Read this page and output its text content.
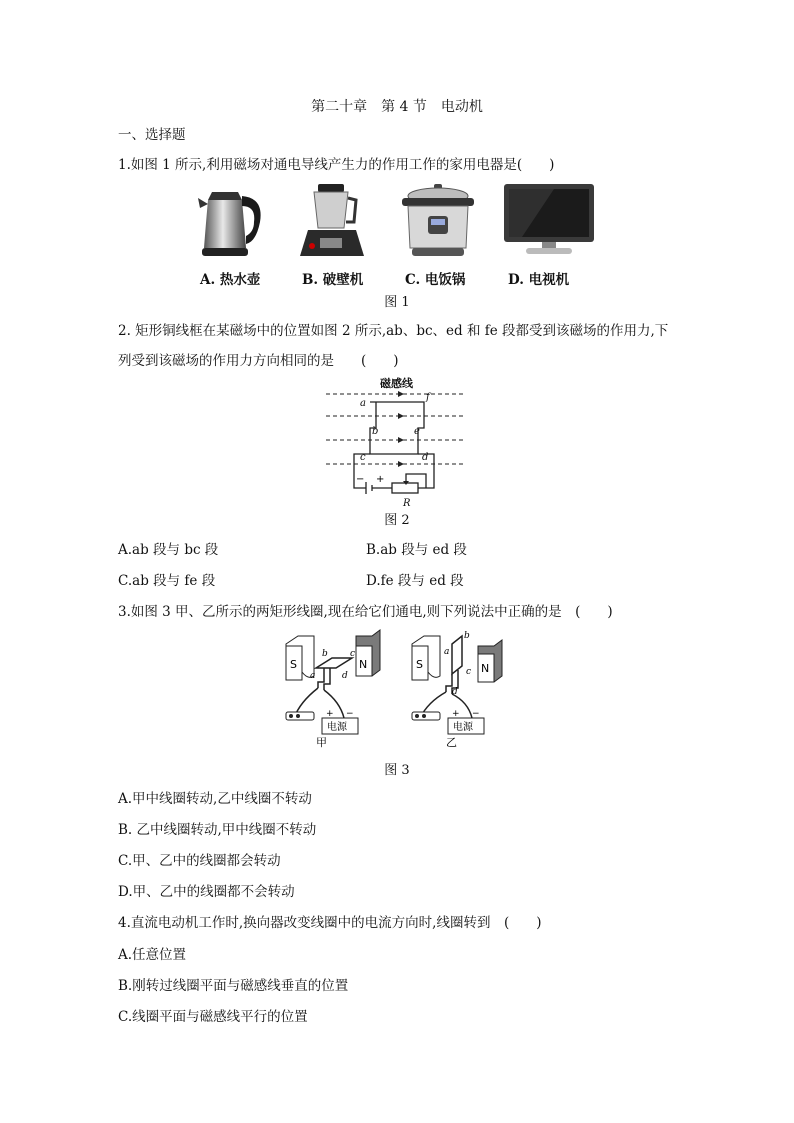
第二十章　第 4 节　电动机
一、选择题
1.如图 1 所示,利用磁场对通电导线产生力的作用工作的家用电器是(　　)
A. 热水壶	B. 破壁机	C. 电饭锅	D. 电视机
图 1
2. 矩形铜线框在某磁场中的位置如图 2 所示,ab、bc、ed 和 fe 段都受到该磁场的作用力,下
列受到该磁场的作用力方向相同的是　　(　　)
磁感线
a
f
b	e
c	d
R
+
−
图 2
A.ab 段与 bc 段	B.ab 段与 ed 段
C.ab 段与 fe 段	D.fe 段与 ed 段
3.如图 3 甲、乙所示的两矩形线圈,现在给它们通电,则下列说法中正确的是　(　　)
S	N
a
b c
d
+ −
电源
甲
S	N
a
b
c
d
+ −
电源
乙
图 3
A.甲中线圈转动,乙中线圈不转动
B. 乙中线圈转动,甲中线圈不转动
C.甲、乙中的线圈都会转动
D.甲、乙中的线圈都不会转动
4.直流电动机工作时,换向器改变线圈中的电流方向时,线圈转到　(　　)
A.任意位置
B.刚转过线圈平面与磁感线垂直的位置
C.线圈平面与磁感线平行的位置
